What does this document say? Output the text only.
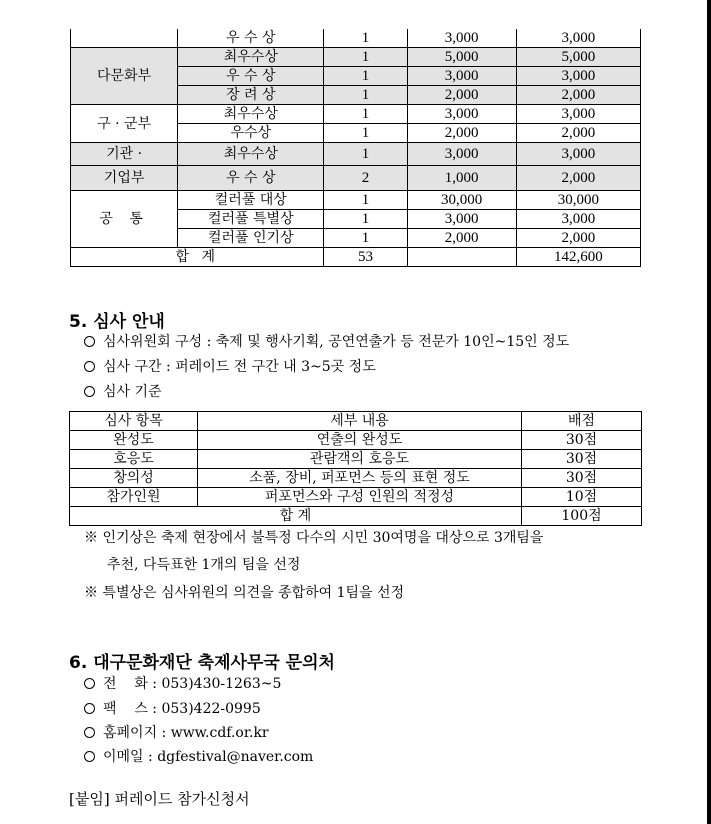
	우 수 상	1	3,000	3,000
다문화부	최우수상	1	5,000	5,000
	우 수 상	1	3,000	3,000
	장 려 상	1	2,000	2,000
구 · 군부	최우수상	1	3,000	3,000
	우수상	1	2,000	2,000
기관 ·	최우수상	1	3,000	3,000
기업부	우 수 상	2	1,000	2,000
공 통	컬러풀 대상	1	30,000	30,000
	컬러풀 특별상	1	3,000	3,000
	컬러풀 인기상	1	2,000	2,000
합 계		53		142,600
5. 심사 안내
심사위원회 구성 : 축제 및 행사기획, 공연연출가 등 전문가 10인~15인 정도
심사 구간 : 퍼레이드 전 구간 내 3~5곳 정도
심사 기준
심사 항목	세부 내용	배점
완성도	연출의 완성도	30점
호응도	관람객의 호응도	30점
창의성	소품, 장비, 퍼포먼스 등의 표현 정도	30점
참가인원	퍼포먼스와 구성 인원의 적정성	10점
합 계		100점
※ 인기상은 축제 현장에서 불특정 다수의 시민 30여명을 대상으로 3개팀을
추천, 다득표한 1개의 팀을 선정
※ 특별상은 심사위원의 의견을 종합하여 1팀을 선정
6. 대구문화재단 축제사무국 문의처
전    화 : 053)430-1263~5
팩    스 : 053)422-0995
홈페이지 : www.cdf.or.kr
이메일 : dgfestival@naver.com
[붙임] 퍼레이드 참가신청서
